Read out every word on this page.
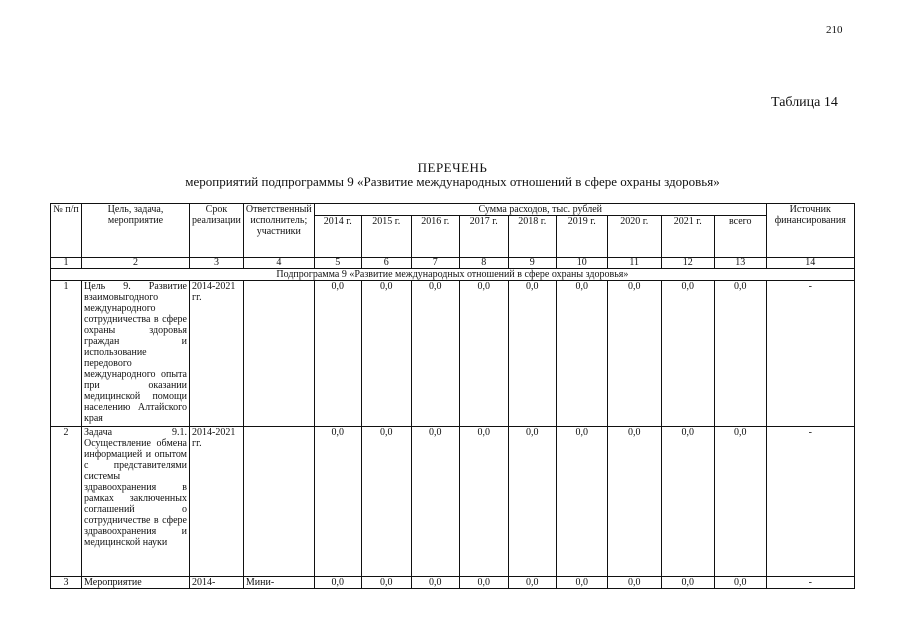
210
Таблица 14
ПЕРЕЧЕНЬ
мероприятий подпрограммы 9 «Развитие международных отношений в сфере охраны здоровья»
№ п/п	Цель, задача, мероприятие	Срок реализации	Ответственный исполнитель; участники	Сумма расходов, тыс. рублей									Источник финансирования
				2014 г.	2015 г.	2016 г.	2017 г.	2018 г.	2019 г.	2020 г.	2021 г.	всего	
1	2	3	4	5	6	7	8	9	10	11	12	13	14
Подпрограмма 9 «Развитие международных отношений в сфере охраны здоровья»													
1	Цель 9. Развитие взаимовыгодного международного сотрудничества в сфере охраны здоровья граждан и использование передового международного опыта при оказании медицинской помощи населению Алтайского края	2014-2021 гг.		0,0	0,0	0,0	0,0	0,0	0,0	0,0	0,0	0,0	-
2	Задача 9.1. Осуществление обмена информацией и опытом с представителями системы здравоохранения в рамках заключенных соглашений о сотрудничестве в сфере здравоохранения и медицинской науки	2014-2021 гг.		0,0	0,0	0,0	0,0	0,0	0,0	0,0	0,0	0,0	-
3	Мероприятие	2014-	Мини-	0,0	0,0	0,0	0,0	0,0	0,0	0,0	0,0	0,0	-
